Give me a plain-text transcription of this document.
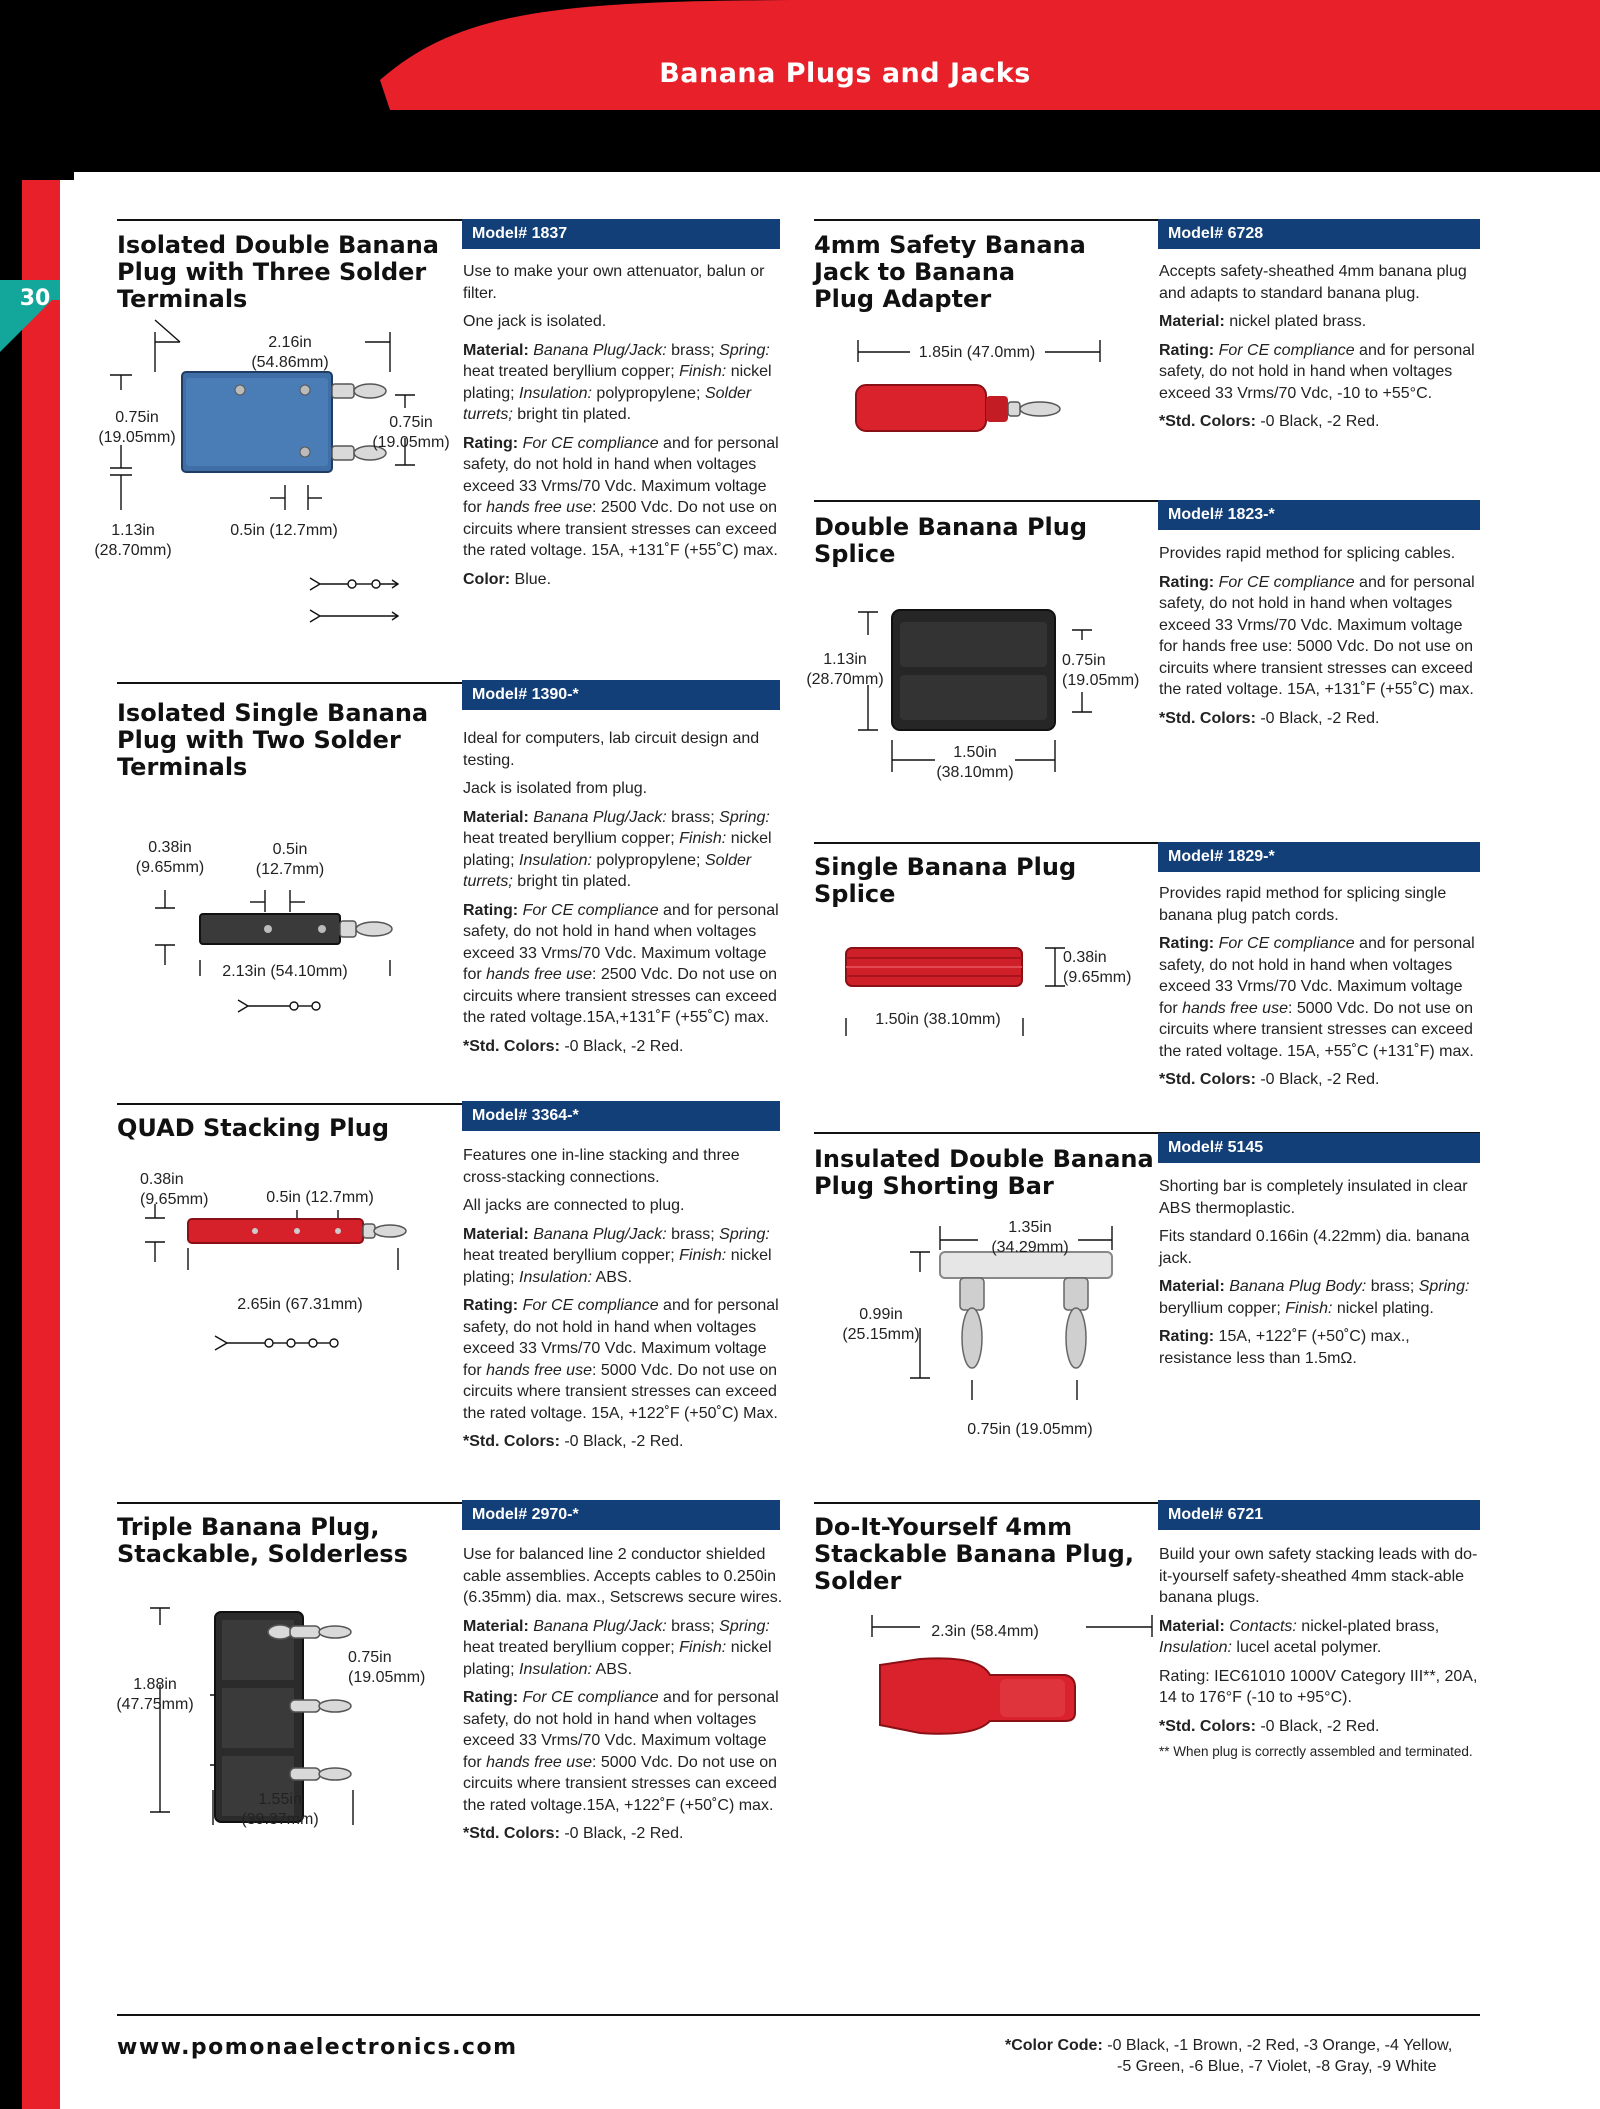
Banana Plugs and Jacks
30
Isolated Double Banana
Plug with Three Solder
Terminals
Model# 1837

Use to make your own attenuator, balun or filter.

One jack is isolated.

Material: Banana Plug/Jack: brass; Spring: heat treated beryllium copper; Finish: nickel plating; Insulation: polypropylene; Solder turrets; bright tin plated.

Rating: For CE compliance and for personal safety, do not hold in hand when voltages exceed 33 Vrms/70 Vdc. Maximum voltage for hands free use: 2500 Vdc. Do not use on circuits where transient stresses can exceed the rated voltage. 15A, +131˚F (+55˚C) max.

Color: Blue.

2.16in
(54.86mm)
0.75in
(19.05mm)
0.75in
(19.05mm)
1.13in
(28.70mm)
0.5in (12.7mm)
Isolated Single Banana
Plug with Two Solder
Terminals
Model# 1390-*

Ideal for computers, lab circuit design and testing.

Jack is isolated from plug.

Material: Banana Plug/Jack: brass; Spring: heat treated beryllium copper; Finish: nickel plating; Insulation: polypropylene; Solder turrets; bright tin plated.

Rating: For CE compliance and for personal safety, do not hold in hand when voltages exceed 33 Vrms/70 Vdc. Maximum voltage for hands free use: 2500 Vdc. Do not use on circuits where transient stresses can exceed the rated voltage.15A,+131˚F (+55˚C) max.

*Std. Colors: -0 Black, -2 Red.

0.38in
(9.65mm)
0.5in
(12.7mm)
2.13in (54.10mm)
QUAD Stacking Plug	Model# 3364-*

Features one in-line stacking and three cross-stacking connections.

All jacks are connected to plug.

Material: Banana Plug/Jack: brass; Spring: heat treated beryllium copper; Finish: nickel plating; Insulation: ABS.

Rating: For CE compliance and for personal safety, do not hold in hand when voltages exceed 33 Vrms/70 Vdc. Maximum voltage for hands free use: 5000 Vdc. Do not use on circuits where transient stresses can exceed the rated voltage. 15A, +122˚F (+50˚C) Max.

*Std. Colors: -0 Black, -2 Red.

0.38in
(9.65mm)	0.5in (12.7mm)
2.65in (67.31mm)
Triple Banana Plug,
Stackable, Solderless
Model# 2970-*

Use for balanced line 2 conductor shielded cable assemblies. Accepts cables to 0.250in (6.35mm) dia. max., Setscrews secure wires.

Material: Banana Plug/Jack: brass; Spring: heat treated beryllium copper; Finish: nickel plating; Insulation: ABS.

Rating: For CE compliance and for personal safety, do not hold in hand when voltages exceed 33 Vrms/70 Vdc. Maximum voltage for hands free use: 5000 Vdc. Do not use on circuits where transient stresses can exceed the rated voltage.15A, +122˚F (+50˚C) max.

*Std. Colors: -0 Black, -2 Red.

1.88in
(47.75mm)
0.75in
(19.05mm)
1.55in
(39.37mm)
4mm Safety Banana
Jack to Banana
Plug Adapter
Model# 6728

Accepts safety-sheathed 4mm banana plug and adapts to standard banana plug.

Material: nickel plated brass.

Rating: For CE compliance and for personal safety, do not hold in hand when voltages exceed 33 Vrms/70 Vdc, -10 to +55°C.

*Std. Colors: -0 Black, -2 Red.

1.85in (47.0mm)
Double Banana Plug
Splice
Model# 1823-*

Provides rapid method for splicing cables.

Rating: For CE compliance and for personal safety, do not hold in hand when voltages exceed 33 Vrms/70 Vdc. Maximum voltage for hands free use: 5000 Vdc. Do not use on circuits where transient stresses can exceed the rated voltage. 15A, +131˚F (+55˚C) max.

*Std. Colors: -0 Black, -2 Red.

1.13in
(28.70mm)
0.75in
(19.05mm)
1.50in
(38.10mm)
Single Banana Plug
Splice
Model# 1829-*

Provides rapid method for splicing single banana plug patch cords.

Rating: For CE compliance and for personal safety, do not hold in hand when voltages exceed 33 Vrms/70 Vdc. Maximum voltage for hands free use: 5000 Vdc. Do not use on circuits where transient stresses can exceed the rated voltage. 15A, +55˚C (+131˚F) max.

*Std. Colors: -0 Black, -2 Red.

0.38in
(9.65mm)
1.50in (38.10mm)
Insulated Double Banana
Plug Shorting Bar
Model# 5145

Shorting bar is completely insulated in clear ABS thermoplastic.

Fits standard 0.166in (4.22mm) dia. banana jack.

Material: Banana Plug Body: brass; Spring: beryllium copper; Finish: nickel plating.

Rating: 15A, +122˚F (+50˚C) max., resistance less than 1.5mΩ.

1.35in
(34.29mm)
0.99in
(25.15mm)
0.75in (19.05mm)
Do-It-Yourself 4mm
Stackable Banana Plug,
Solder
Model# 6721

Build your own safety stacking leads with do-it-yourself safety-sheathed 4mm stack-able banana plugs.

Material: Contacts: nickel-plated brass, Insulation: lucel acetal polymer.

Rating: IEC61010 1000V Category III**, 20A, 14 to 176°F (-10 to +95°C).

*Std. Colors: -0 Black, -2 Red.

** When plug is correctly assembled and terminated.

2.3in (58.4mm)
www.pomonaelectronics.com	*Color Code: -0 Black, -1 Brown, -2 Red, -3 Orange, -4 Yellow,
-5 Green, -6 Blue, -7 Violet, -8 Gray, -9 White
